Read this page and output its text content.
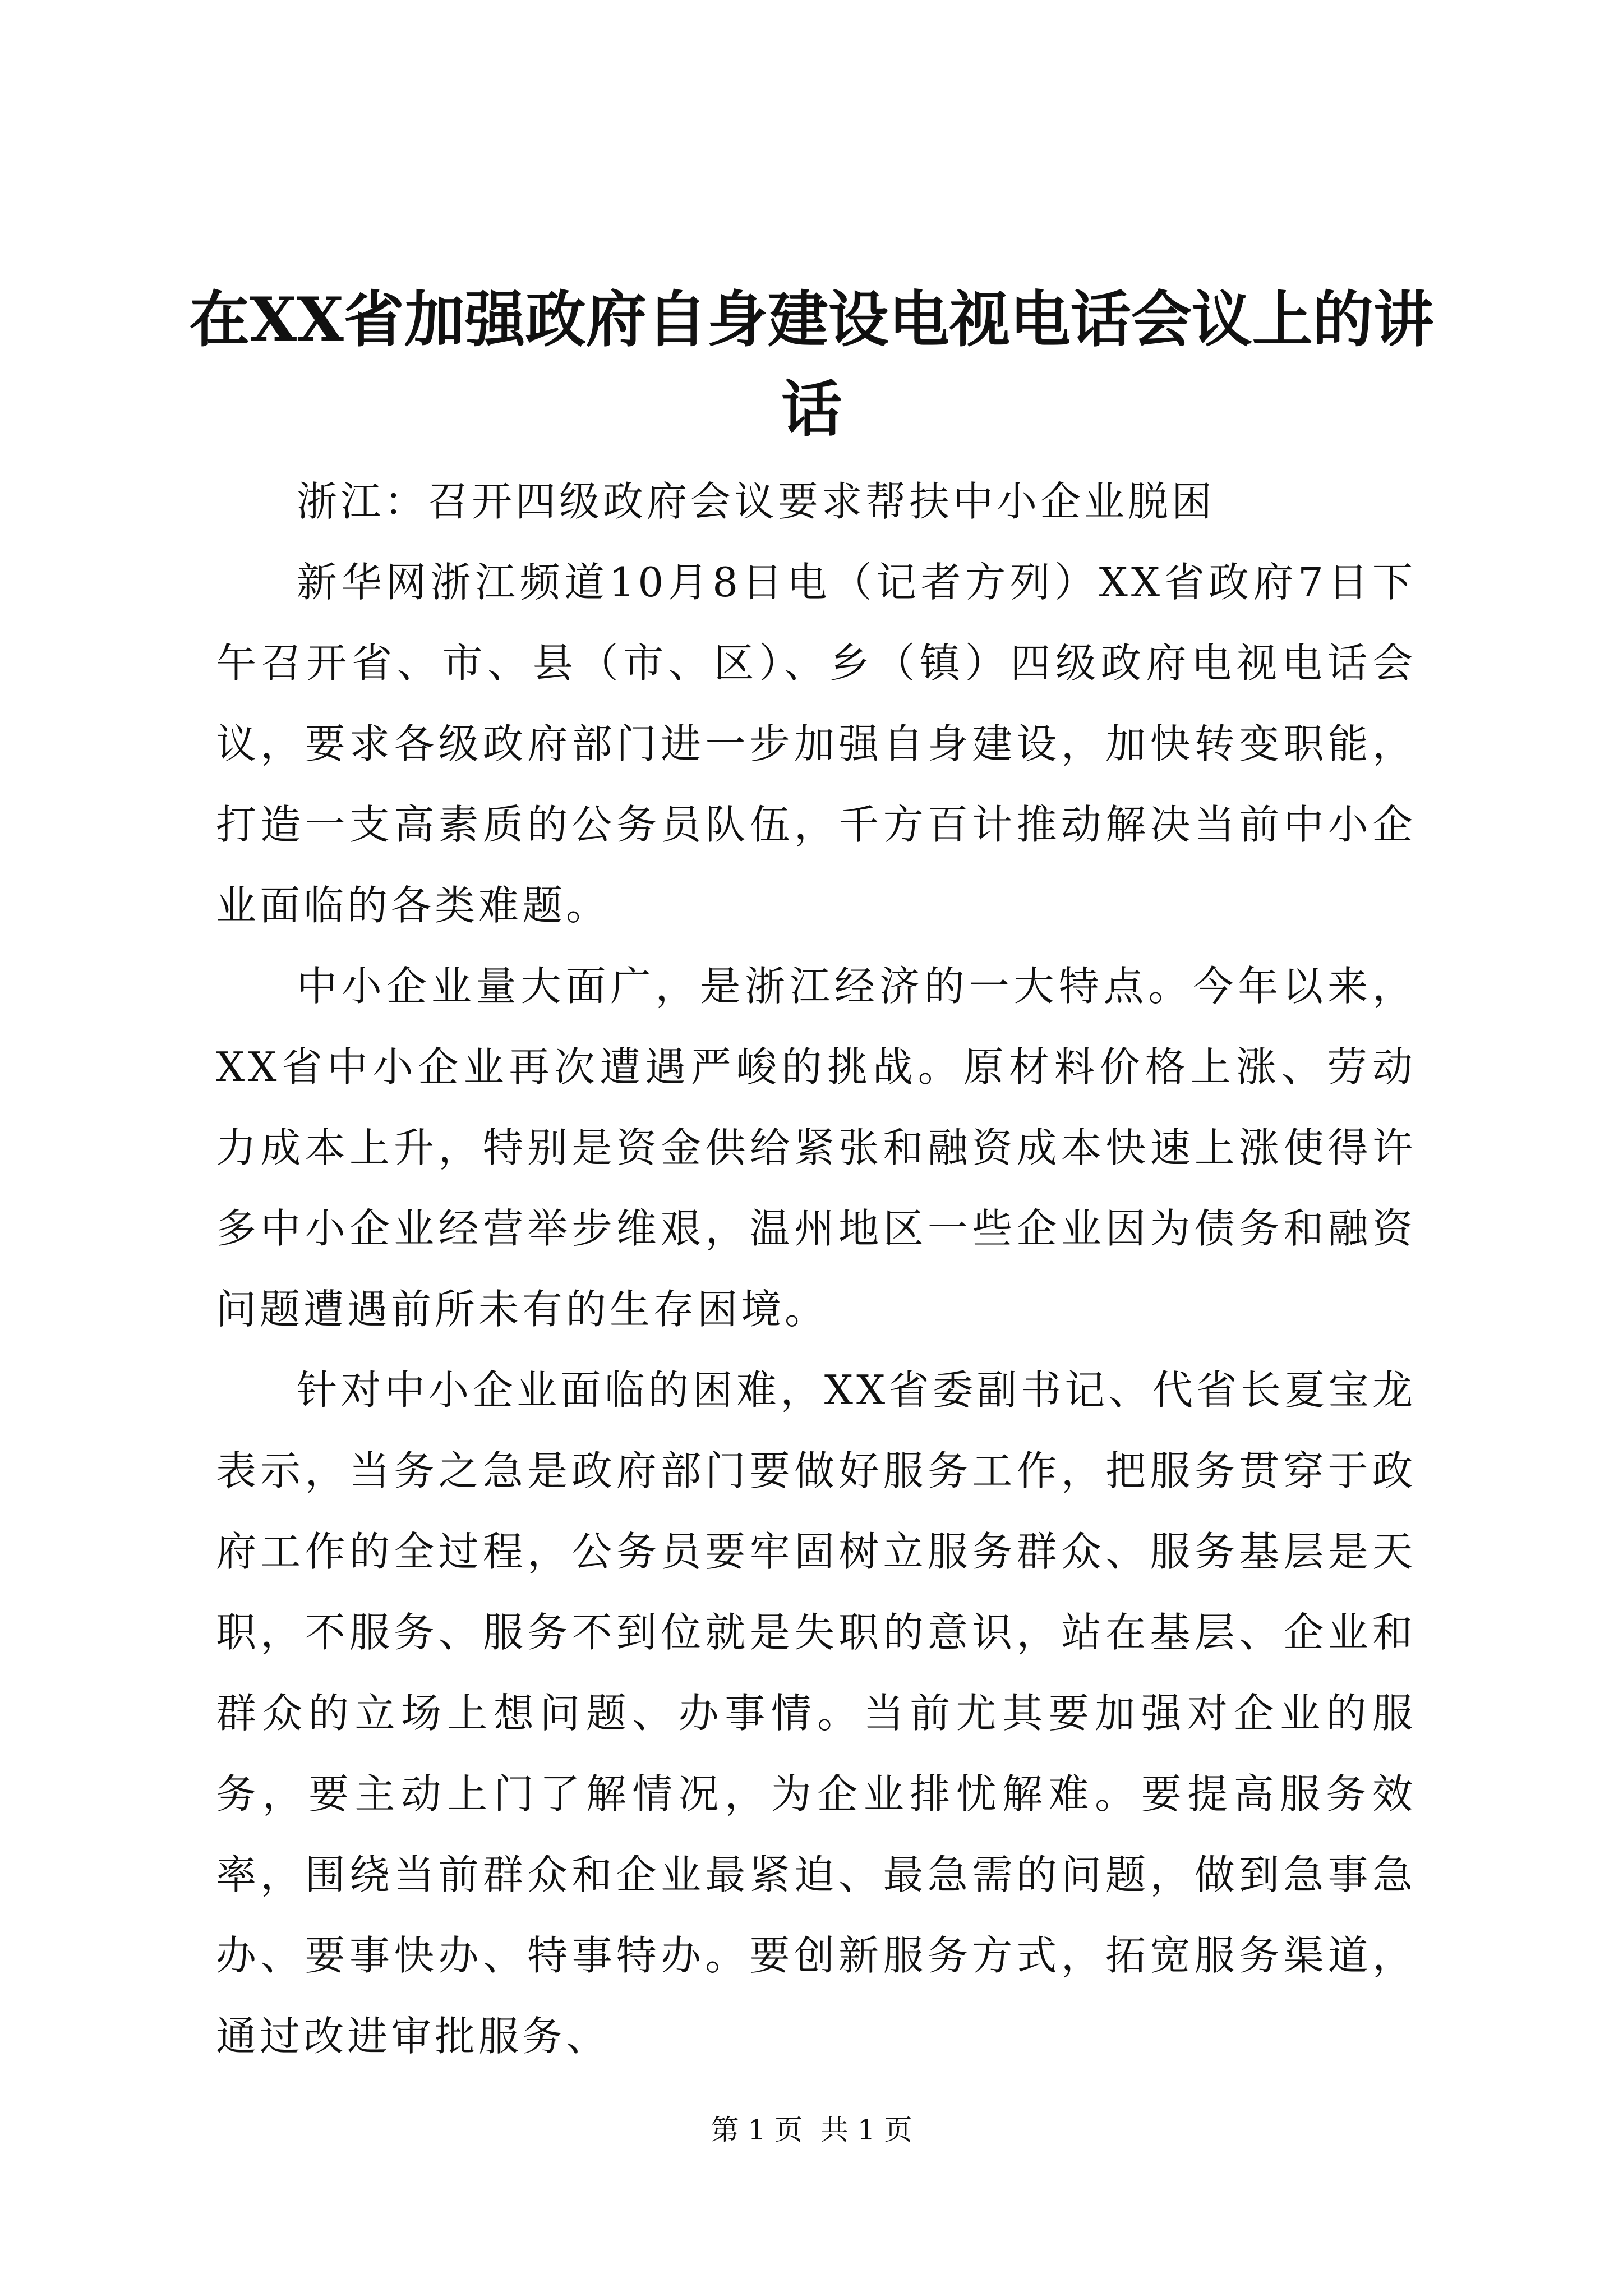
在XX省加强政府自身建设电视电话会议上的讲话

浙江：召开四级政府会议要求帮扶中小企业脱困

新华网浙江频道10月8日电（记者方列）XX省政府7日下午召开省、市、县（市、区）、乡（镇）四级政府电视电话会议，要求各级政府部门进一步加强自身建设，加快转变职能，打造一支高素质的公务员队伍，千方百计推动解决当前中小企业面临的各类难题。

中小企业量大面广，是浙江经济的一大特点。今年以来，XX省中小企业再次遭遇严峻的挑战。原材料价格上涨、劳动力成本上升，特别是资金供给紧张和融资成本快速上涨使得许多中小企业经营举步维艰，温州地区一些企业因为债务和融资问题遭遇前所未有的生存困境。

针对中小企业面临的困难，XX省委副书记、代省长夏宝龙表示，当务之急是政府部门要做好服务工作，把服务贯穿于政府工作的全过程，公务员要牢固树立服务群众、服务基层是天职，不服务、服务不到位就是失职的意识，站在基层、企业和群众的立场上想问题、办事情。当前尤其要加强对企业的服务，要主动上门了解情况，为企业排忧解难。要提高服务效率，围绕当前群众和企业最紧迫、最急需的问题，做到急事急办、要事快办、特事特办。要创新服务方式，拓宽服务渠道，通过改进审批服务、

第 1 页  共 1 页
